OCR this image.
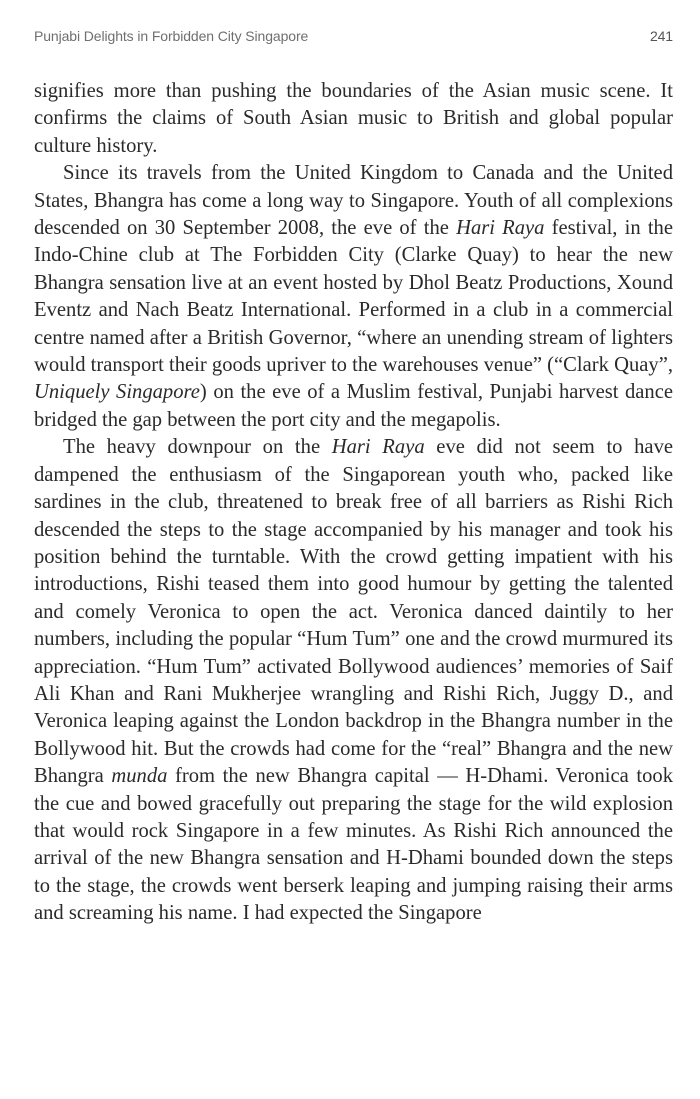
Punjabi Delights in Forbidden City Singapore	241

signifies more than pushing the boundaries of the Asian music scene. It confirms the claims of South Asian music to British and global popular culture history.

Since its travels from the United Kingdom to Canada and the United States, Bhangra has come a long way to Singapore. Youth of all complexions descended on 30 September 2008, the eve of the Hari Raya festival, in the Indo-Chine club at The Forbidden City (Clarke Quay) to hear the new Bhangra sensation live at an event hosted by Dhol Beatz Productions, Xound Eventz and Nach Beatz International. Performed in a club in a commercial centre named after a British Governor, “where an unending stream of lighters would transport their goods upriver to the warehouses venue” (“Clark Quay”, Uniquely Singapore) on the eve of a Muslim festival, Punjabi harvest dance bridged the gap between the port city and the megapolis.

The heavy downpour on the Hari Raya eve did not seem to have dampened the enthusiasm of the Singaporean youth who, packed like sardines in the club, threatened to break free of all barriers as Rishi Rich descended the steps to the stage accompanied by his manager and took his position behind the turntable. With the crowd getting impatient with his introductions, Rishi teased them into good humour by getting the talented and comely Veronica to open the act. Veronica danced daintily to her numbers, including the popular “Hum Tum” one and the crowd murmured its appreciation. “Hum Tum” activated Bollywood audiences’ memories of Saif Ali Khan and Rani Mukherjee wrangling and Rishi Rich, Juggy D., and Veronica leaping against the London backdrop in the Bhangra number in the Bollywood hit. But the crowds had come for the “real” Bhangra and the new Bhangra munda from the new Bhangra capital — H-Dhami. Veronica took the cue and bowed gracefully out preparing the stage for the wild explosion that would rock Singapore in a few minutes. As Rishi Rich announced the arrival of the new Bhangra sensation and H-Dhami bounded down the steps to the stage, the crowds went berserk leaping and jumping raising their arms and screaming his name. I had expected the Singapore
